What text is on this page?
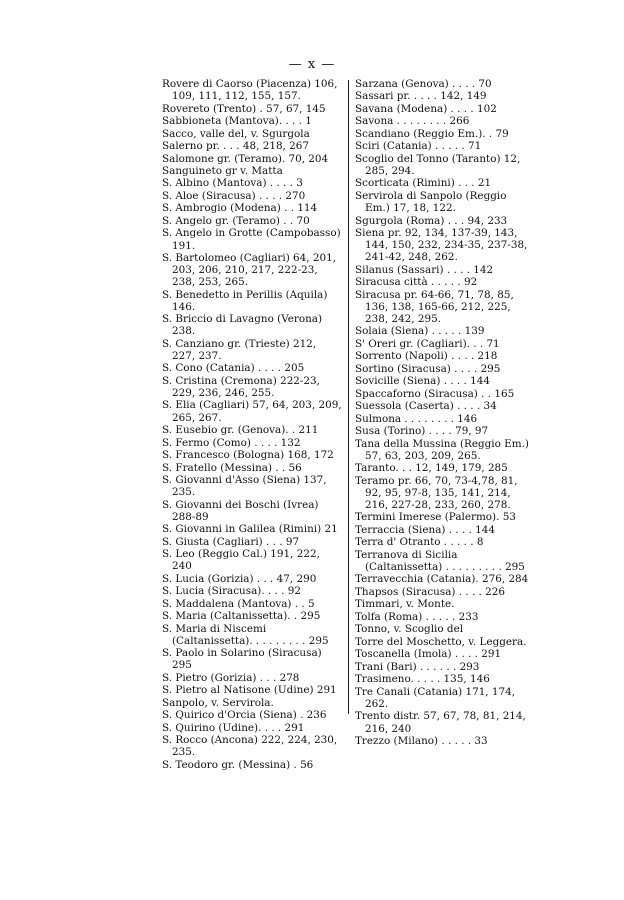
— x —

Rovere di Caorso (Piacenza) 106, 109, 111, 112, 155, 157.

Rovereto (Trento) . 57, 67, 145

Sabbioneta (Mantova). . . . 1

Sacco, valle del, v. Sgurgola

Salerno pr. . . . 48, 218, 267

Salomone gr. (Teramo). 70, 204

Sanguineto gr v. Matta

S. Albino (Mantova) . . . . 3

S. Aloe (Siracusa) . . . . 270

S. Ambrogio (Modena) . . 114

S. Angelo gr. (Teramo) . . 70

S. Angelo in Grotte (Campobasso) 191.

S. Bartolomeo (Cagliari) 64, 201, 203, 206, 210, 217, 222-23, 238, 253, 265.

S. Benedetto in Perillis (Aquila) 146.

S. Briccio di Lavagno (Verona) 238.

S. Canziano gr. (Trieste) 212, 227, 237.

S. Cono (Catania) . . . . 205

S. Cristina (Cremona) 222-23, 229, 236, 246, 255.

S. Elia (Cagliari) 57, 64, 203, 209, 265, 267.

S. Eusebio gr. (Genova). . 211

S. Fermo (Como) . . . . 132

S. Francesco (Bologna) 168, 172

S. Fratello (Messina) . . 56

S. Giovanni d'Asso (Siena) 137, 235.

S. Giovanni dei Boschi (Ivrea) 288-89

S. Giovanni in Galilea (Rimini) 21

S. Giusta (Cagliari) . . . 97

S. Leo (Reggio Cal.) 191, 222, 240

S. Lucia (Gorizia) . . . 47, 290

S. Lucia (Siracusa). . . . 92

S. Maddalena (Mantova) . . 5

S. Maria (Caltanissetta). . 295

S. Maria di Niscemi (Caltanissetta). . . . . . . . . 295

S. Paolo in Solarino (Siracusa) 295

S. Pietro (Gorizia) . . . 278

S. Pietro al Natisone (Udine) 291

Sanpolo, v. Servirola.

S. Quirico d'Orcia (Siena) . 236

S. Quirino (Udine). . . . 291

S. Rocco (Ancona) 222, 224, 230, 235.

S. Teodoro gr. (Messina) . 56

Sarzana (Genova) . . . . 70

Sassari pr. . . . . 142, 149

Savana (Modena) . . . . 102

Savona . . . . . . . . 266

Scandiano (Reggio Em.). . 79

Sciri (Catania) . . . . . 71

Scoglio del Tonno (Taranto) 12, 285, 294.

Scorticata (Rimini) . . . 21

Servirola di Sanpolo (Reggio Em.) 17, 18, 122.

Sgurgola (Roma) . . . 94, 233

Siena pr. 92, 134, 137-39, 143, 144, 150, 232, 234-35, 237-38, 241-42, 248, 262.

Silanus (Sassari) . . . . 142

Siracusa città . . . . . 92

Siracusa pr. 64-66, 71, 78, 85, 136, 138, 165-66, 212, 225, 238, 242, 295.

Solaia (Siena) . . . . . 139

S' Oreri gr. (Cagliari). . . 71

Sorrento (Napoli) . . . . 218

Sortino (Siracusa) . . . . 295

Sovicille (Siena) . . . . 144

Spaccaforno (Siracusa) . . 165

Suessola (Caserta) . . . . 34

Sulmona . . . . . . . . 146

Susa (Torino) . . . . 79, 97

Tana della Mussina (Reggio Em.) 57, 63, 203, 209, 265.

Taranto. . . 12, 149, 179, 285

Teramo pr. 66, 70, 73-4,78, 81, 92, 95, 97-8, 135, 141, 214, 216, 227-28, 233, 260, 278.

Termini Imerese (Palermo). 53

Terraccia (Siena) . . . . 144

Terra d' Otranto . . . . . 8

Terranova di Sicilia (Caltanissetta) . . . . . . . . . 295

Terravecchia (Catania). 276, 284

Thapsos (Siracusa) . . . . 226

Timmari, v. Monte.

Tolfa (Roma) . . . . . 233

Tonno, v. Scoglio del

Torre del Moschetto, v. Leggera.

Toscanella (Imola) . . . . 291

Trani (Bari) . . . . . . 293

Trasimeno. . . . . 135, 146

Tre Canali (Catania) 171, 174, 262.

Trento distr. 57, 67, 78, 81, 214, 216, 240

Trezzo (Milano) . . . . . 33
